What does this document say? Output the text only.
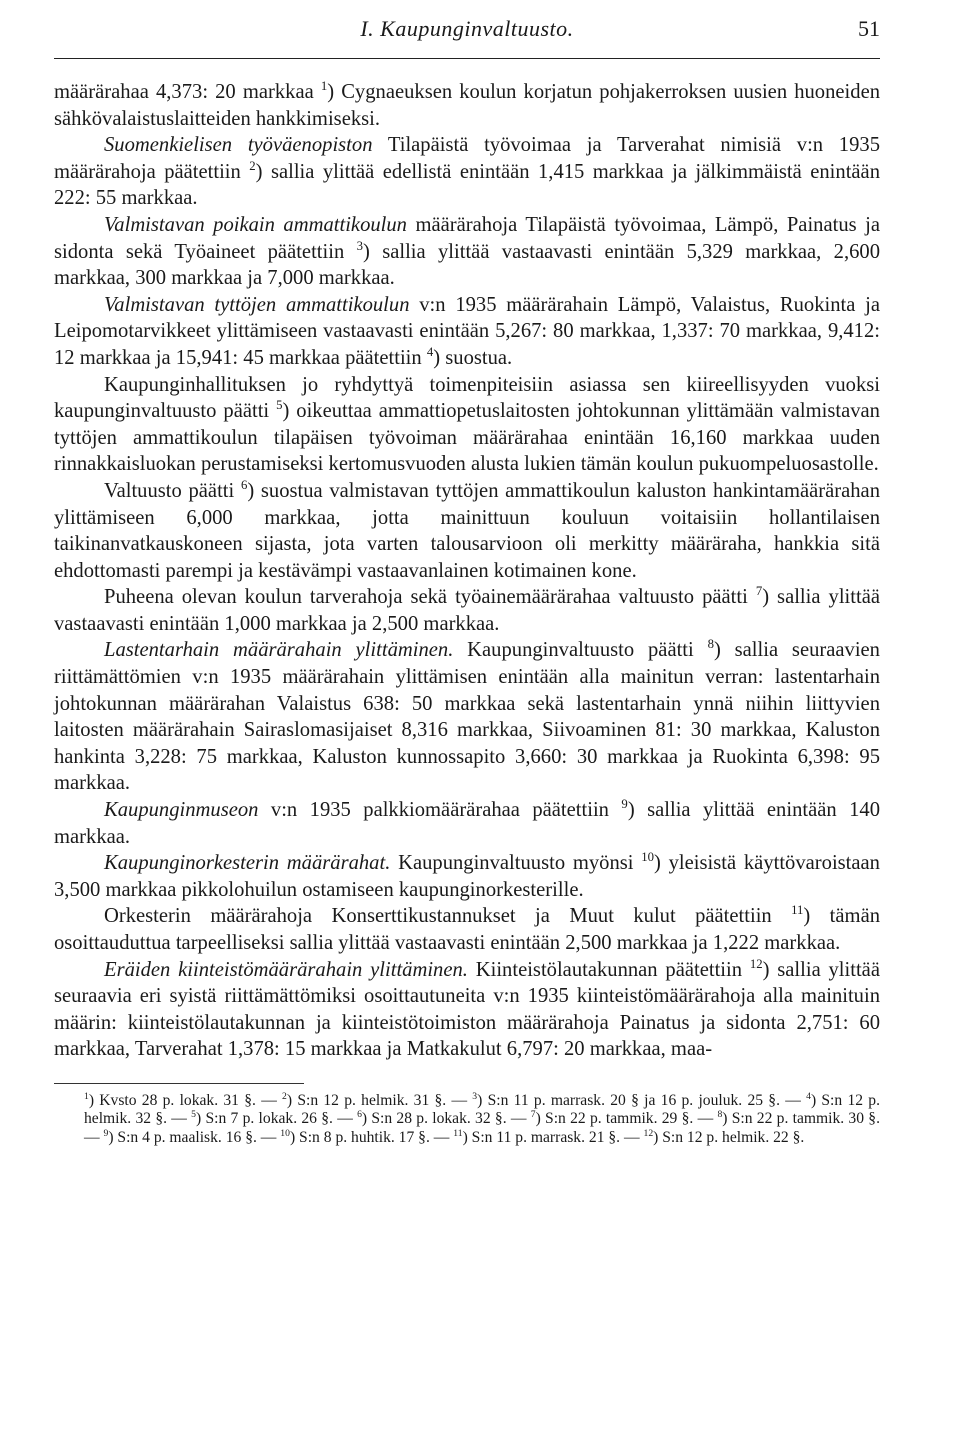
I. Kaupunginvaltuusto.	51

määrärahaa 4,373: 20 markkaa $^1$) Cygnaeuksen koulun korjatun pohjakerroksen uusien huoneiden sähkövalaistuslaitteiden hankkimiseksi.

Suomenkielisen työväenopiston Tilapäistä työvoimaa ja Tarverahat nimisiä v:n 1935 määrärahoja päätettiin $^2$) sallia ylittää edellistä enintään 1,415 markkaa ja jälkimmäistä enintään 222: 55 markkaa.

Valmistavan poikain ammattikoulun määrärahoja Tilapäistä työvoimaa, Lämpö, Painatus ja sidonta sekä Työaineet päätettiin $^3$) sallia ylittää vastaavasti enintään 5,329 markkaa, 2,600 markkaa, 300 markkaa ja 7,000 markkaa.

Valmistavan tyttöjen ammattikoulun v:n 1935 määrärahain Lämpö, Valaistus, Ruokinta ja Leipomotarvikkeet ylittämiseen vastaavasti enintään 5,267: 80 markkaa, 1,337: 70 markkaa, 9,412: 12 markkaa ja 15,941: 45 markkaa päätettiin $^4$) suostua.

Kaupunginhallituksen jo ryhdyttyä toimenpiteisiin asiassa sen kiireellisyyden vuoksi kaupunginvaltuusto päätti $^5$) oikeuttaa ammattiopetuslaitosten johtokunnan ylittämään valmistavan tyttöjen ammattikoulun tilapäisen työvoiman määrärahaa enintään 16,160 markkaa uuden rinnakkaisluokan perustamiseksi kertomusvuoden alusta lukien tämän koulun pukuompeluosastolle.

Valtuusto päätti $^6$) suostua valmistavan tyttöjen ammattikoulun kaluston hankintamäärärahan ylittämiseen 6,000 markkaa, jotta mainittuun kouluun voitaisiin hollantilaisen taikinanvatkauskoneen sijasta, jota varten talousarvioon oli merkitty määräraha, hankkia sitä ehdottomasti parempi ja kestävämpi vastaavanlainen kotimainen kone.

Puheena olevan koulun tarverahoja sekä työainemäärärahaa valtuusto päätti $^7$) sallia ylittää vastaavasti enintään 1,000 markkaa ja 2,500 markkaa.

Lastentarhain määrärahain ylittäminen. Kaupunginvaltuusto päätti $^8$) sallia seuraavien riittämättömien v:n 1935 määrärahain ylittämisen enintään alla mainitun verran: lastentarhain johtokunnan määrärahan Valaistus 638: 50 markkaa sekä lastentarhain ynnä niihin liittyvien laitosten määrärahain Sairaslomasijaiset 8,316 markkaa, Siivoaminen 81: 30 markkaa, Kaluston hankinta 3,228: 75 markkaa, Kaluston kunnossapito 3,660: 30 markkaa ja Ruokinta 6,398: 95 markkaa.

Kaupunginmuseon v:n 1935 palkkiomäärärahaa päätettiin $^9$) sallia ylittää enintään 140 markkaa.

Kaupunginorkesterin määrärahat. Kaupunginvaltuusto myönsi $^{10}$) yleisistä käyttövaroistaan 3,500 markkaa pikkolohuilun ostamiseen kaupunginorkesterille.

Orkesterin määrärahoja Konserttikustannukset ja Muut kulut päätettiin $^{11}$) tämän osoittauduttua tarpeelliseksi sallia ylittää vastaavasti enintään 2,500 markkaa ja 1,222 markkaa.

Eräiden kiinteistömäärärahain ylittäminen. Kiinteistölautakunnan päätettiin $^{12}$) sallia ylittää seuraavia eri syistä riittämättömiksi osoittautuneita v:n 1935 kiinteistömäärärahoja alla mainituin määrin: kiinteistölautakunnan ja kiinteistötoimiston määrärahoja Painatus ja sidonta 2,751: 60 markkaa, Tarverahat 1,378: 15 markkaa ja Matkakulut 6,797: 20 markkaa, maa-

$^1$) Kvsto 28 p. lokak. 31 §. — $^2$) S:n 12 p. helmik. 31 §. — $^3$) S:n 11 p. marrask. 20 § ja 16 p. jouluk. 25 §. — $^4$) S:n 12 p. helmik. 32 §. — $^5$) S:n 7 p. lokak. 26 §. — $^6$) S:n 28 p. lokak. 32 §. — $^7$) S:n 22 p. tammik. 29 §. — $^8$) S:n 22 p. tammik. 30 §. — $^9$) S:n 4 p. maalisk. 16 §. — $^{10}$) S:n 8 p. huhtik. 17 §. — $^{11}$) S:n 11 p. marrask. 21 §. — $^{12}$) S:n 12 p. helmik. 22 §.
